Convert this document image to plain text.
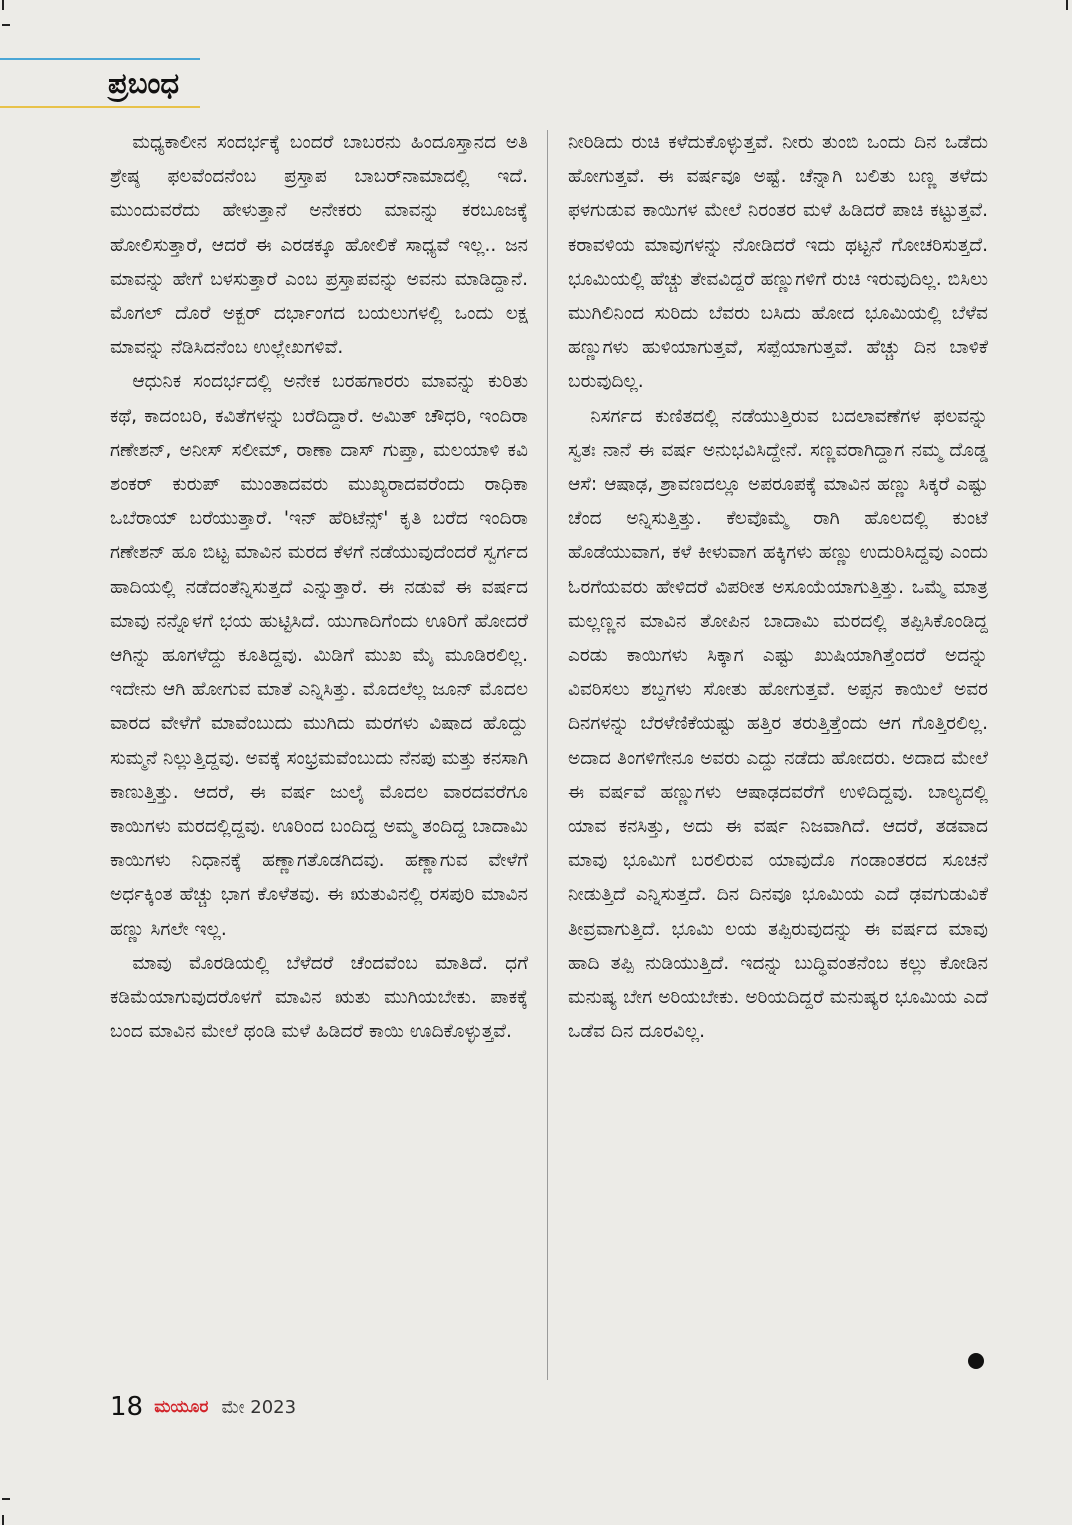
ಪ್ರಬಂಧ

ಮಧ್ಯಕಾಲೀನ ಸಂದರ್ಭಕ್ಕೆ ಬಂದರೆ ಬಾಬರನು ಹಿಂದೂಸ್ತಾನದ ಅತಿ ಶ್ರೇಷ್ಠ ಫಲವೆಂದನೆಂಬ ಪ್ರಸ್ತಾಪ ಬಾಬರ್‌ನಾಮಾದಲ್ಲಿ ಇದೆ. ಮುಂದುವರೆದು ಹೇಳುತ್ತಾನೆ ಅನೇಕರು ಮಾವನ್ನು ಕರಬೂಜಕ್ಕೆ ಹೋಲಿಸುತ್ತಾರೆ, ಆದರೆ ಈ ಎರಡಕ್ಕೂ ಹೋಲಿಕೆ ಸಾಧ್ಯವೆ ಇಲ್ಲ.. ಜನ ಮಾವನ್ನು ಹೇಗೆ ಬಳಸುತ್ತಾರೆ ಎಂಬ ಪ್ರಸ್ತಾಪವನ್ನು ಅವನು ಮಾಡಿದ್ದಾನೆ. ಮೊಗಲ್ ದೊರೆ ಅಕ್ಬರ್ ದರ್ಭಾಂಗದ ಬಯಲುಗಳಲ್ಲಿ ಒಂದು ಲಕ್ಷ ಮಾವನ್ನು ನೆಡಿಸಿದನೆಂಬ ಉಲ್ಲೇಖಗಳಿವೆ.

ಆಧುನಿಕ ಸಂದರ್ಭದಲ್ಲಿ ಅನೇಕ ಬರಹಗಾರರು ಮಾವನ್ನು ಕುರಿತು ಕಥೆ, ಕಾದಂಬರಿ, ಕವಿತೆಗಳನ್ನು ಬರೆದಿದ್ದಾರೆ. ಅಮಿತ್ ಚೌಧರಿ, ಇಂದಿರಾ ಗಣೇಶನ್, ಅನೀಸ್ ಸಲೀಮ್, ರಾಣಾ ದಾಸ್ ಗುಪ್ತಾ, ಮಲಯಾಳಿ ಕವಿ ಶಂಕರ್ ಕುರುಪ್ ಮುಂತಾದವರು ಮುಖ್ಯರಾದವರೆಂದು ರಾಧಿಕಾ ಒಬೆರಾಯ್ ಬರೆಯುತ್ತಾರೆ. 'ಇನ್ ಹೆರಿಟೆನ್ಸ್' ಕೃತಿ ಬರೆದ ಇಂದಿರಾ ಗಣೇಶನ್ ಹೂ ಬಿಟ್ಟ ಮಾವಿನ ಮರದ ಕೆಳಗೆ ನಡೆಯುವುದೆಂದರೆ ಸ್ವರ್ಗದ ಹಾದಿಯಲ್ಲಿ ನಡೆದಂತೆನ್ನಿಸುತ್ತದೆ ಎನ್ನುತ್ತಾರೆ. ಈ ನಡುವೆ ಈ ವರ್ಷದ ಮಾವು ನನ್ನೊಳಗೆ ಭಯ ಹುಟ್ಟಿಸಿದೆ. ಯುಗಾದಿಗೆಂದು ಊರಿಗೆ ಹೋದರೆ ಆಗಿನ್ನು ಹೂಗಳೆದ್ದು ಕೂತಿದ್ದವು. ಮಿಡಿಗೆ ಮುಖ ಮೈ ಮೂಡಿರಲಿಲ್ಲ. ಇದೇನು ಆಗಿ ಹೋಗುವ ಮಾತೆ ಎನ್ನಿಸಿತ್ತು. ಮೊದಲೆಲ್ಲ ಜೂನ್ ಮೊದಲ ವಾರದ ವೇಳೆಗೆ ಮಾವೆಂಬುದು ಮುಗಿದು ಮರಗಳು ವಿಷಾದ ಹೊದ್ದು ಸುಮ್ಮನೆ ನಿಲ್ಲುತ್ತಿದ್ದವು. ಅವಕ್ಕೆ ಸಂಭ್ರಮವೆಂಬುದು ನೆನಪು ಮತ್ತು ಕನಸಾಗಿ ಕಾಣುತ್ತಿತ್ತು. ಆದರೆ, ಈ ವರ್ಷ ಜುಲೈ ಮೊದಲ ವಾರದವರೆಗೂ ಕಾಯಿಗಳು ಮರದಲ್ಲಿದ್ದವು. ಊರಿಂದ ಬಂದಿದ್ದ ಅಮ್ಮ ತಂದಿದ್ದ ಬಾದಾಮಿ ಕಾಯಿಗಳು ನಿಧಾನಕ್ಕೆ ಹಣ್ಣಾಗತೊಡಗಿದವು. ಹಣ್ಣಾಗುವ ವೇಳೆಗೆ ಅರ್ಧಕ್ಕಿಂತ ಹೆಚ್ಚು ಭಾಗ ಕೊಳೆತವು. ಈ ಋತುವಿನಲ್ಲಿ ರಸಪುರಿ ಮಾವಿನ ಹಣ್ಣು ಸಿಗಲೇ ಇಲ್ಲ.

ಮಾವು ಮೊರಡಿಯಲ್ಲಿ ಬೆಳೆದರೆ ಚೆಂದವೆಂಬ ಮಾತಿದೆ. ಧಗೆ ಕಡಿಮೆಯಾಗುವುದರೊಳಗೆ ಮಾವಿನ ಋತು ಮುಗಿಯಬೇಕು. ಪಾಕಕ್ಕೆ ಬಂದ ಮಾವಿನ ಮೇಲೆ ಥಂಡಿ ಮಳೆ ಹಿಡಿದರೆ ಕಾಯಿ ಊದಿಕೊಳ್ಳುತ್ತವೆ.

ನೀರಿಡಿದು ರುಚಿ ಕಳೆದುಕೊಳ್ಳುತ್ತವೆ. ನೀರು ತುಂಬಿ ಒಂದು ದಿನ ಒಡೆದು ಹೋಗುತ್ತವೆ. ಈ ವರ್ಷವೂ ಅಷ್ಟೆ. ಚೆನ್ನಾಗಿ ಬಲಿತು ಬಣ್ಣ ತಳೆದು ಫಳಗುಡುವ ಕಾಯಿಗಳ ಮೇಲೆ ನಿರಂತರ ಮಳೆ ಹಿಡಿದರೆ ಪಾಚಿ ಕಟ್ಟುತ್ತವೆ. ಕರಾವಳಿಯ ಮಾವುಗಳನ್ನು ನೋಡಿದರೆ ಇದು ಥಟ್ಟನೆ ಗೋಚರಿಸುತ್ತದೆ. ಭೂಮಿಯಲ್ಲಿ ಹೆಚ್ಚು ತೇವವಿದ್ದರೆ ಹಣ್ಣುಗಳಿಗೆ ರುಚಿ ಇರುವುದಿಲ್ಲ. ಬಿಸಿಲು ಮುಗಿಲಿನಿಂದ ಸುರಿದು ಬೆವರು ಬಸಿದು ಹೋದ ಭೂಮಿಯಲ್ಲಿ ಬೆಳೆವ ಹಣ್ಣುಗಳು ಹುಳಿಯಾಗುತ್ತವೆ, ಸಪ್ಪೆಯಾಗುತ್ತವೆ. ಹೆಚ್ಚು ದಿನ ಬಾಳಿಕೆ ಬರುವುದಿಲ್ಲ.

ನಿಸರ್ಗದ ಕುಣಿತದಲ್ಲಿ ನಡೆಯುತ್ತಿರುವ ಬದಲಾವಣೆಗಳ ಫಲವನ್ನು ಸ್ವತಃ ನಾನೆ ಈ ವರ್ಷ ಅನುಭವಿಸಿದ್ದೇನೆ. ಸಣ್ಣವರಾಗಿದ್ದಾಗ ನಮ್ಮ ದೊಡ್ಡ ಆಸೆ: ಆಷಾಢ, ಶ್ರಾವಣದಲ್ಲೂ ಅಪರೂಪಕ್ಕೆ ಮಾವಿನ ಹಣ್ಣು ಸಿಕ್ಕರೆ ಎಷ್ಟು ಚೆಂದ ಅನ್ನಿಸುತ್ತಿತ್ತು. ಕೆಲವೊಮ್ಮೆ ರಾಗಿ ಹೊಲದಲ್ಲಿ ಕುಂಟೆ ಹೊಡೆಯುವಾಗ, ಕಳೆ ಕೀಳುವಾಗ ಹಕ್ಕಿಗಳು ಹಣ್ಣು ಉದುರಿಸಿದ್ದವು ಎಂದು ಓರಗೆಯವರು ಹೇಳಿದರೆ ವಿಪರೀತ ಅಸೂಯೆಯಾಗುತ್ತಿತ್ತು. ಒಮ್ಮೆ ಮಾತ್ರ ಮಲ್ಲಣ್ಣನ ಮಾವಿನ ತೋಪಿನ ಬಾದಾಮಿ ಮರದಲ್ಲಿ ತಪ್ಪಿಸಿಕೊಂಡಿದ್ದ ಎರಡು ಕಾಯಿಗಳು ಸಿಕ್ಕಾಗ ಎಷ್ಟು ಖುಷಿಯಾಗಿತ್ತೆಂದರೆ ಅದನ್ನು ವಿವರಿಸಲು ಶಬ್ದಗಳು ಸೋತು ಹೋಗುತ್ತವೆ. ಅಪ್ಪನ ಕಾಯಿಲೆ ಅವರ ದಿನಗಳನ್ನು ಬೆರಳೆಣಿಕೆಯಷ್ಟು ಹತ್ತಿರ ತರುತ್ತಿತ್ತೆಂದು ಆಗ ಗೊತ್ತಿರಲಿಲ್ಲ. ಅದಾದ ತಿಂಗಳಿಗೇನೂ ಅವರು ಎದ್ದು ನಡೆದು ಹೋದರು. ಅದಾದ ಮೇಲೆ ಈ ವರ್ಷವೆ ಹಣ್ಣುಗಳು ಆಷಾಢದವರೆಗೆ ಉಳಿದಿದ್ದವು. ಬಾಲ್ಯದಲ್ಲಿ ಯಾವ ಕನಸಿತ್ತು, ಅದು ಈ ವರ್ಷ ನಿಜವಾಗಿದೆ. ಆದರೆ, ತಡವಾದ ಮಾವು ಭೂಮಿಗೆ ಬರಲಿರುವ ಯಾವುದೊ ಗಂಡಾಂತರದ ಸೂಚನೆ ನೀಡುತ್ತಿದೆ ಎನ್ನಿಸುತ್ತದೆ. ದಿನ ದಿನವೂ ಭೂಮಿಯ ಎದೆ ಢವಗುಡುವಿಕೆ ತೀವ್ರವಾಗುತ್ತಿದೆ. ಭೂಮಿ ಲಯ ತಪ್ಪಿರುವುದನ್ನು ಈ ವರ್ಷದ ಮಾವು ಹಾದಿ ತಪ್ಪಿ ನುಡಿಯುತ್ತಿದೆ. ಇದನ್ನು ಬುದ್ಧಿವಂತನೆಂಬ ಕಲ್ಲು ಕೋಡಿನ ಮನುಷ್ಯ ಬೇಗ ಅರಿಯಬೇಕು. ಅರಿಯದಿದ್ದರೆ ಮನುಷ್ಯರ ಭೂಮಿಯ ಎದೆ ಒಡೆವ ದಿನ ದೂರವಿಲ್ಲ.

18 ಮಯೂರ ಮೇ 2023
